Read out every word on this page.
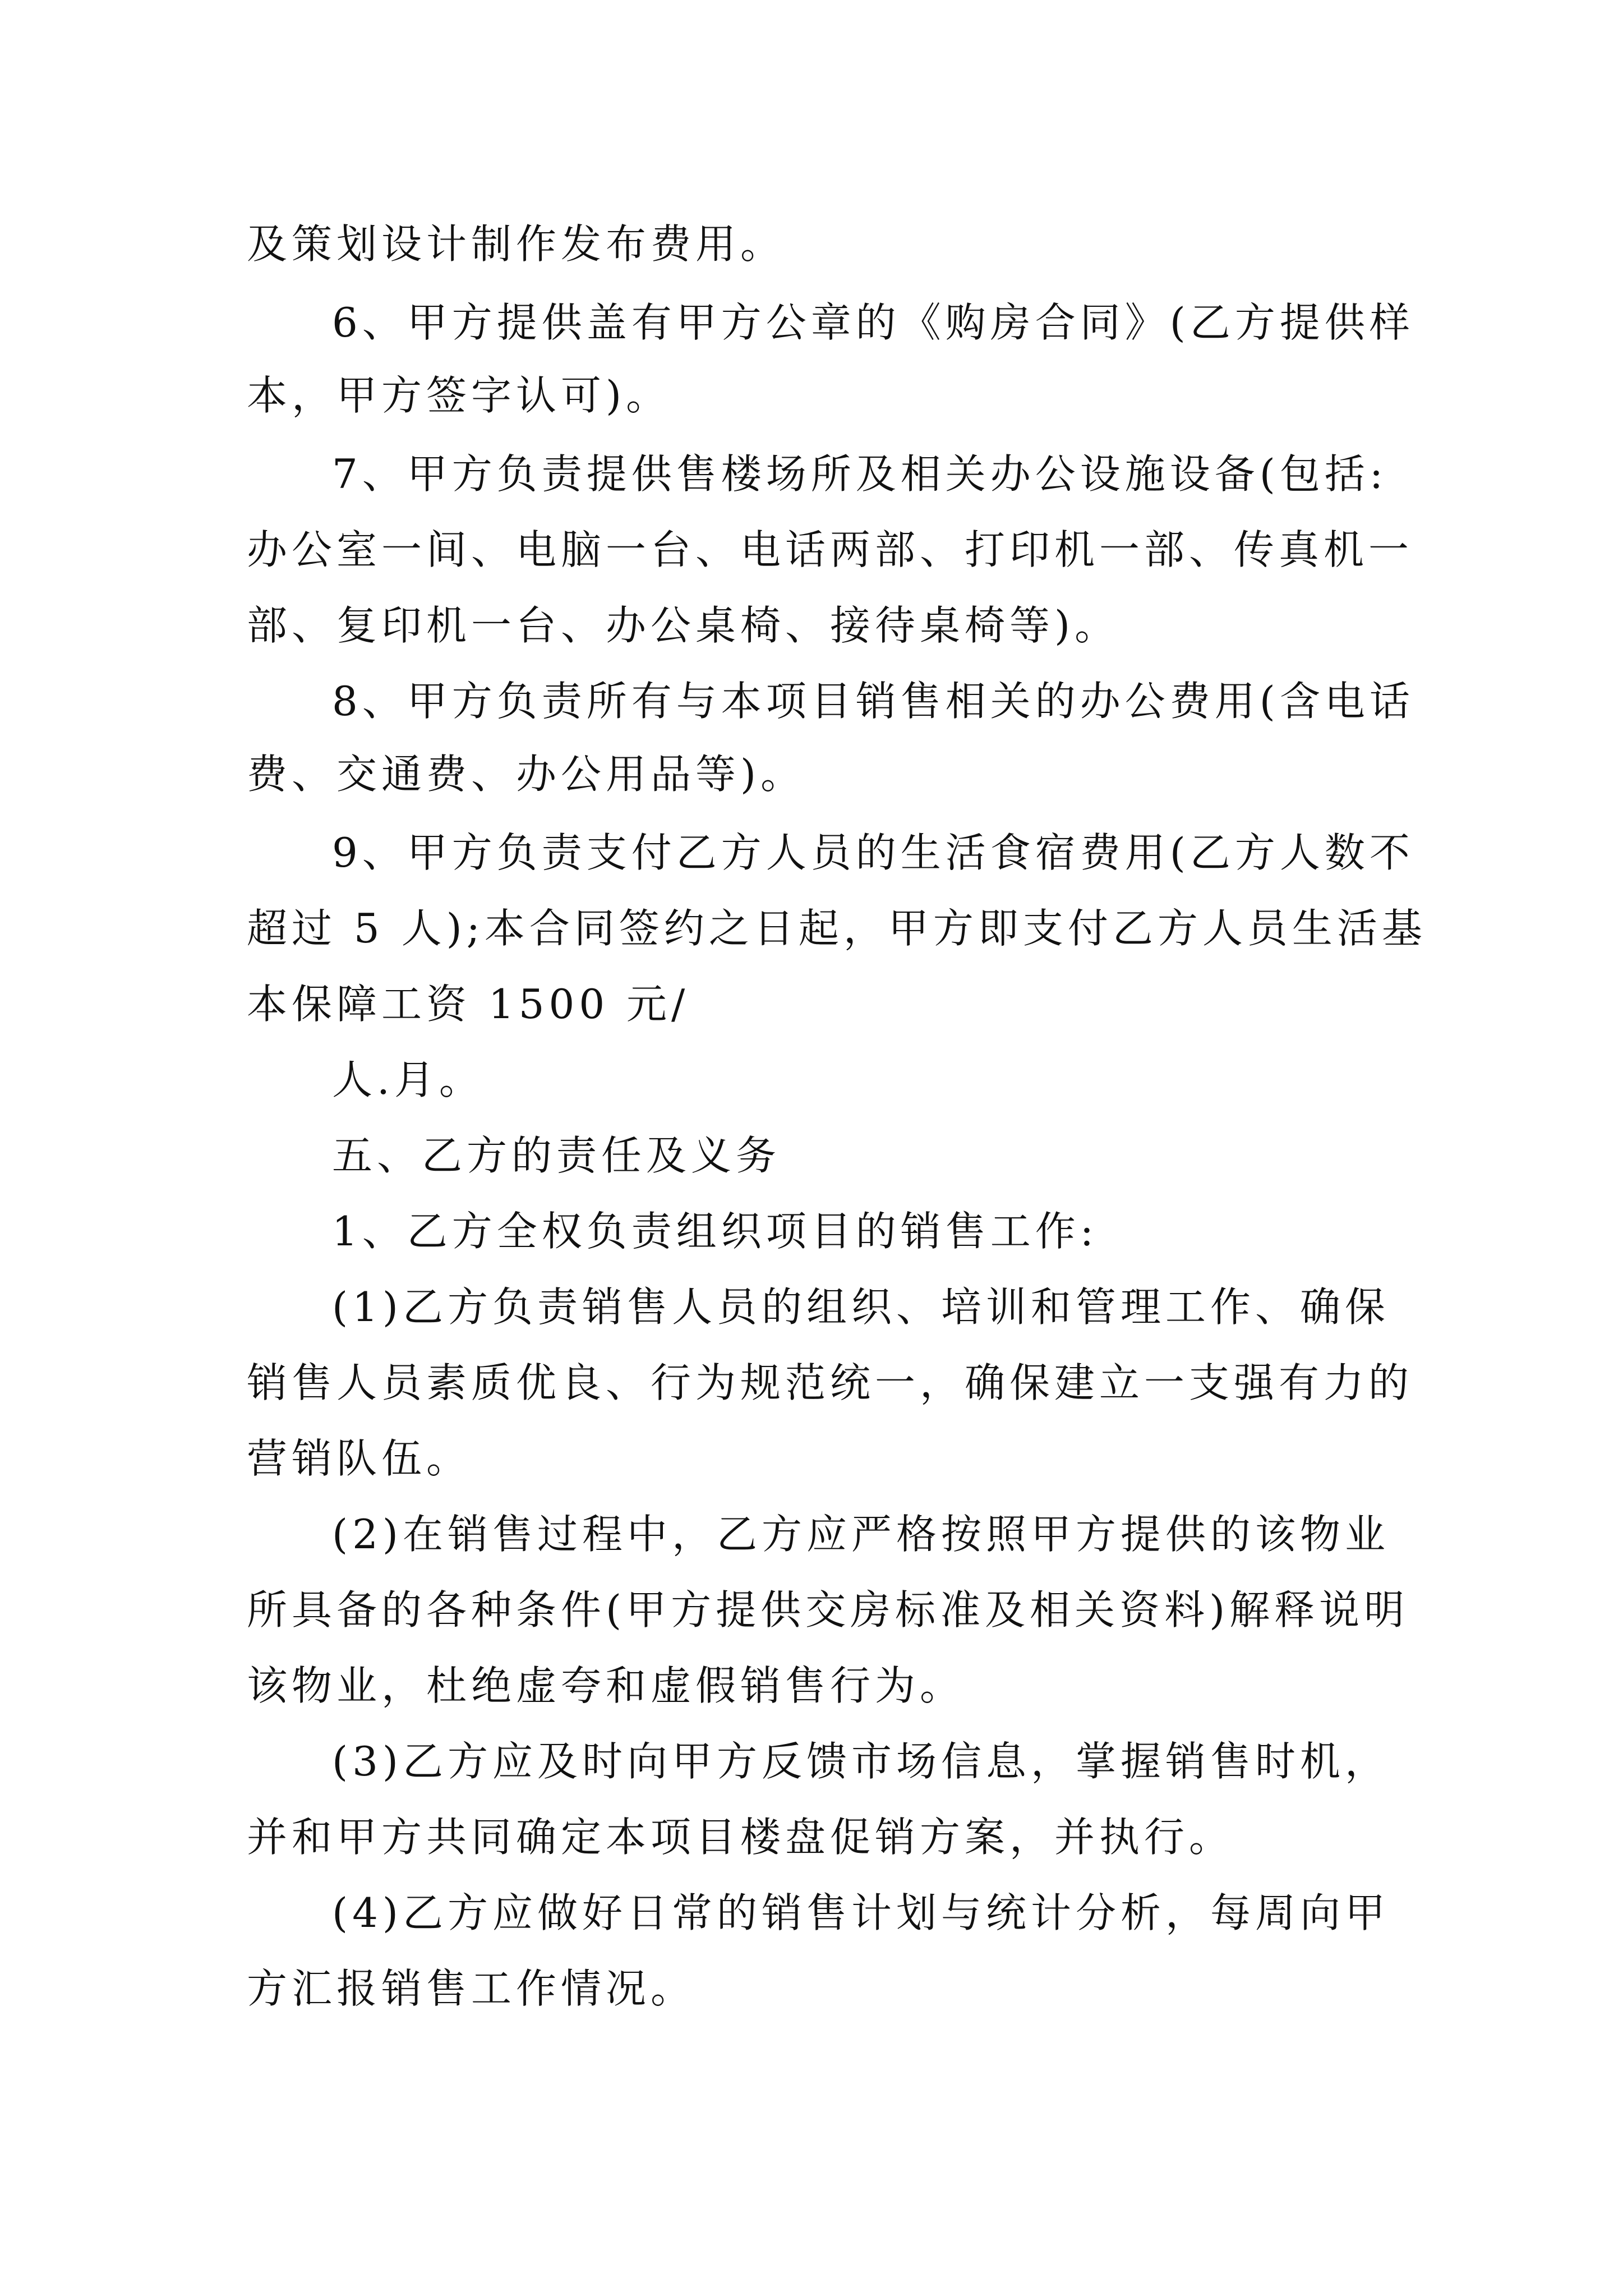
及策划设计制作发布费用。
6、甲方提供盖有甲方公章的《购房合同》(乙方提供样
本，甲方签字认可)。
7、甲方负责提供售楼场所及相关办公设施设备(包括:
办公室一间、电脑一台、电话两部、打印机一部、传真机一
部、复印机一台、办公桌椅、接待桌椅等)。
8、甲方负责所有与本项目销售相关的办公费用(含电话
费、交通费、办公用品等)。
9、甲方负责支付乙方人员的生活食宿费用(乙方人数不
超过 5 人);本合同签约之日起，甲方即支付乙方人员生活基
本保障工资 1500 元/
人.月。
五、乙方的责任及义务
1、乙方全权负责组织项目的销售工作:
(1)乙方负责销售人员的组织、培训和管理工作、确保
销售人员素质优良、行为规范统一，确保建立一支强有力的
营销队伍。
(2)在销售过程中，乙方应严格按照甲方提供的该物业
所具备的各种条件(甲方提供交房标准及相关资料)解释说明
该物业，杜绝虚夸和虚假销售行为。
(3)乙方应及时向甲方反馈市场信息，掌握销售时机，
并和甲方共同确定本项目楼盘促销方案，并执行。
(4)乙方应做好日常的销售计划与统计分析，每周向甲
方汇报销售工作情况。
